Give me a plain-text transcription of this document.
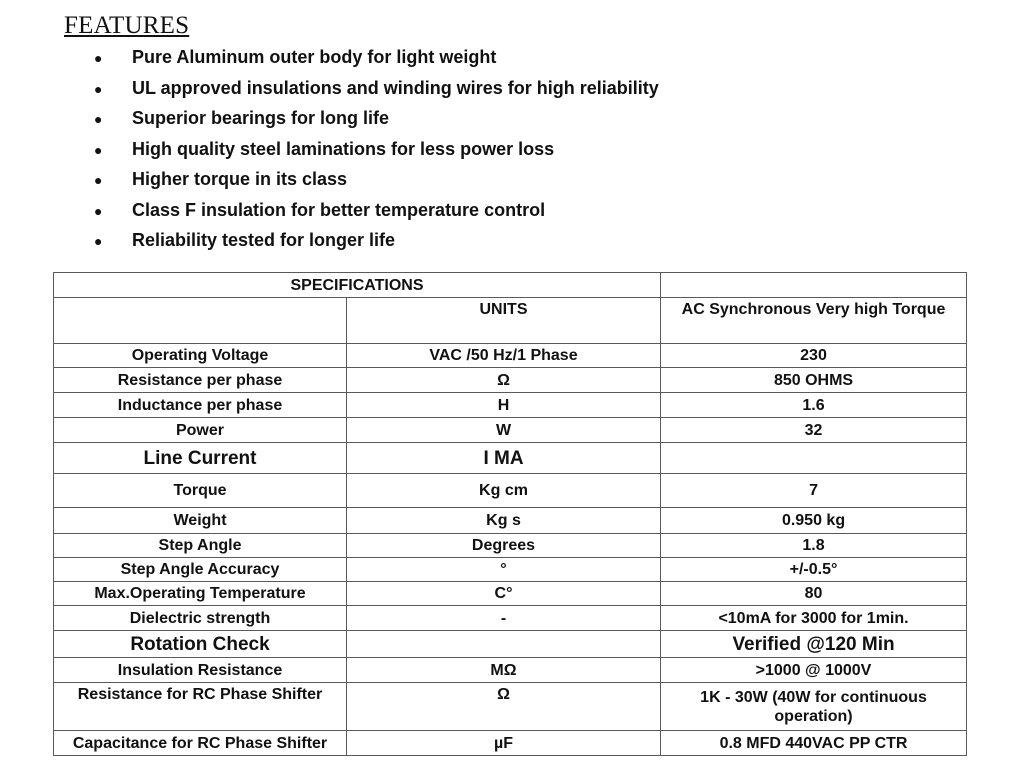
FEATURES
● Pure Aluminum outer body for light weight
● UL approved insulations and winding wires for high reliability
● Superior bearings for long life
● High quality steel laminations for less power loss
● Higher torque in its class
● Class F insulation for better temperature control
● Reliability tested for longer life
SPECIFICATIONS		
	UNITS	AC Synchronous Very high Torque
Operating Voltage	VAC /50 Hz/1 Phase	230
Resistance per phase	Ω	850 OHMS
Inductance per phase	H	1.6
Power	W	32
Line Current	I MA	
Torque	Kg cm	7
Weight	Kg s	0.950 kg
Step Angle	Degrees	1.8
Step Angle Accuracy	°	+/-0.5°
Max.Operating Temperature	C°	80
Dielectric strength	-	<10mA for 3000 for 1min.
Rotation Check		Verified @120 Min
Insulation Resistance	MΩ	>1000 @ 1000V
Resistance for RC Phase Shifter	Ω	1K - 30W (40W for continuous operation)
Capacitance for RC Phase Shifter	µF	0.8 MFD 440VAC PP CTR
